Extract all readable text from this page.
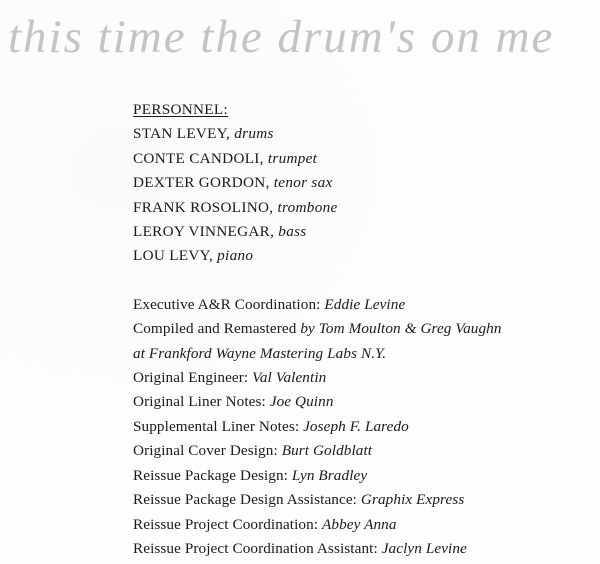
this time the drum's on me
PERSONNEL:
STAN LEVEY, drums
CONTE CANDOLI, trumpet
DEXTER GORDON, tenor sax
FRANK ROSOLINO, trombone
LEROY VINNEGAR, bass
LOU LEVY, piano
Executive A&R Coordination: Eddie Levine
Compiled and Remastered by Tom Moulton & Greg Vaughn
at Frankford Wayne Mastering Labs N.Y.
Original Engineer: Val Valentin
Original Liner Notes: Joe Quinn
Supplemental Liner Notes: Joseph F. Laredo
Original Cover Design: Burt Goldblatt
Reissue Package Design: Lyn Bradley
Reissue Package Design Assistance: Graphix Express
Reissue Project Coordination: Abbey Anna
Reissue Project Coordination Assistant: Jaclyn Levine
